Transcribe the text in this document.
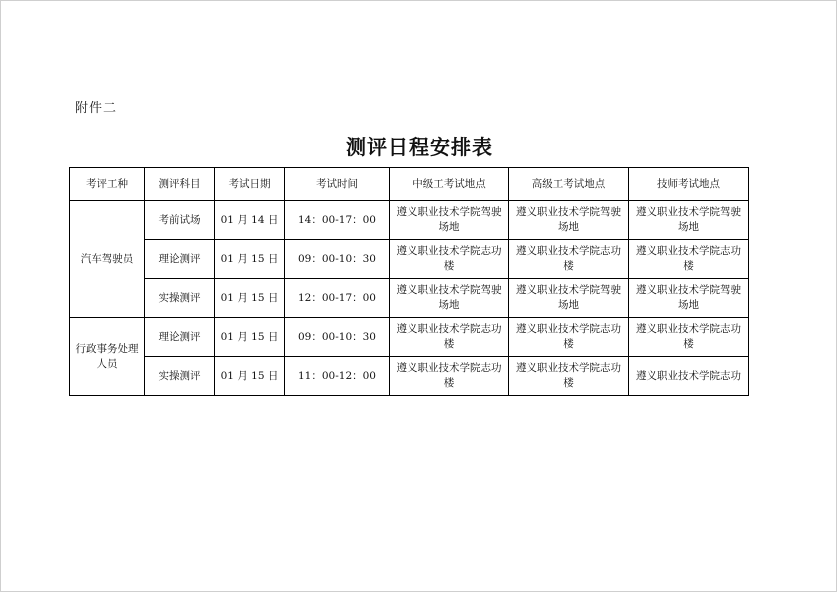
附件二
测评日程安排表
考评工种	测评科目	考试日期	考试时间	中级工考试地点	高级工考试地点	技师考试地点
汽车驾驶员	考前试场	01 月 14 日	14：00-17：00	遵义职业技术学院驾驶场地	遵义职业技术学院驾驶场地	遵义职业技术学院驾驶场地
	理论测评	01 月 15 日	09：00-10：30	遵义职业技术学院志功楼	遵义职业技术学院志功楼	遵义职业技术学院志功楼
	实操测评	01 月 15 日	12：00-17：00	遵义职业技术学院驾驶场地	遵义职业技术学院驾驶场地	遵义职业技术学院驾驶场地
行政事务处理人员	理论测评	01 月 15 日	09：00-10：30	遵义职业技术学院志功楼	遵义职业技术学院志功楼	遵义职业技术学院志功楼
	实操测评	01 月 15 日	11：00-12：00	遵义职业技术学院志功楼	遵义职业技术学院志功楼	遵义职业技术学院志功
